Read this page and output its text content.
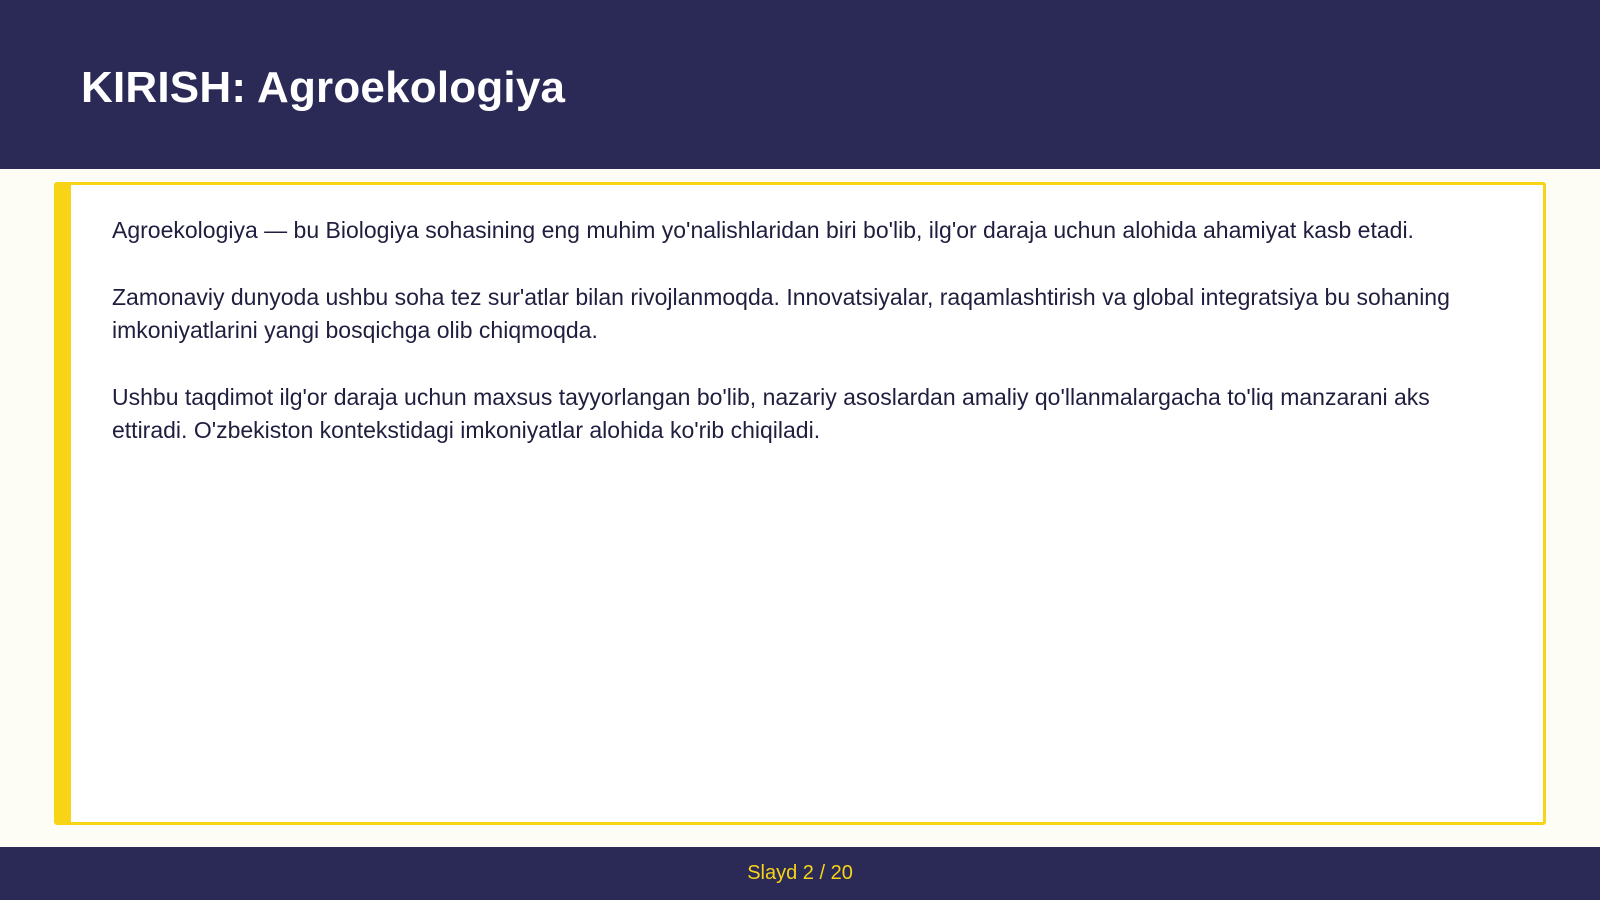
KIRISH: Agroekologiya

Agroekologiya — bu Biologiya sohasining eng muhim yo'nalishlaridan biri bo'lib, ilg'or daraja uchun alohida ahamiyat kasb etadi.

Zamonaviy dunyoda ushbu soha tez sur'atlar bilan rivojlanmoqda. Innovatsiyalar, raqamlashtirish va global integratsiya bu sohaning imkoniyatlarini yangi bosqichga olib chiqmoqda.

Ushbu taqdimot ilg'or daraja uchun maxsus tayyorlangan bo'lib, nazariy asoslardan amaliy qo'llanmalargacha to'liq manzarani aks ettiradi. O'zbekiston kontekstidagi imkoniyatlar alohida ko'rib chiqiladi.

Slayd 2 / 20
